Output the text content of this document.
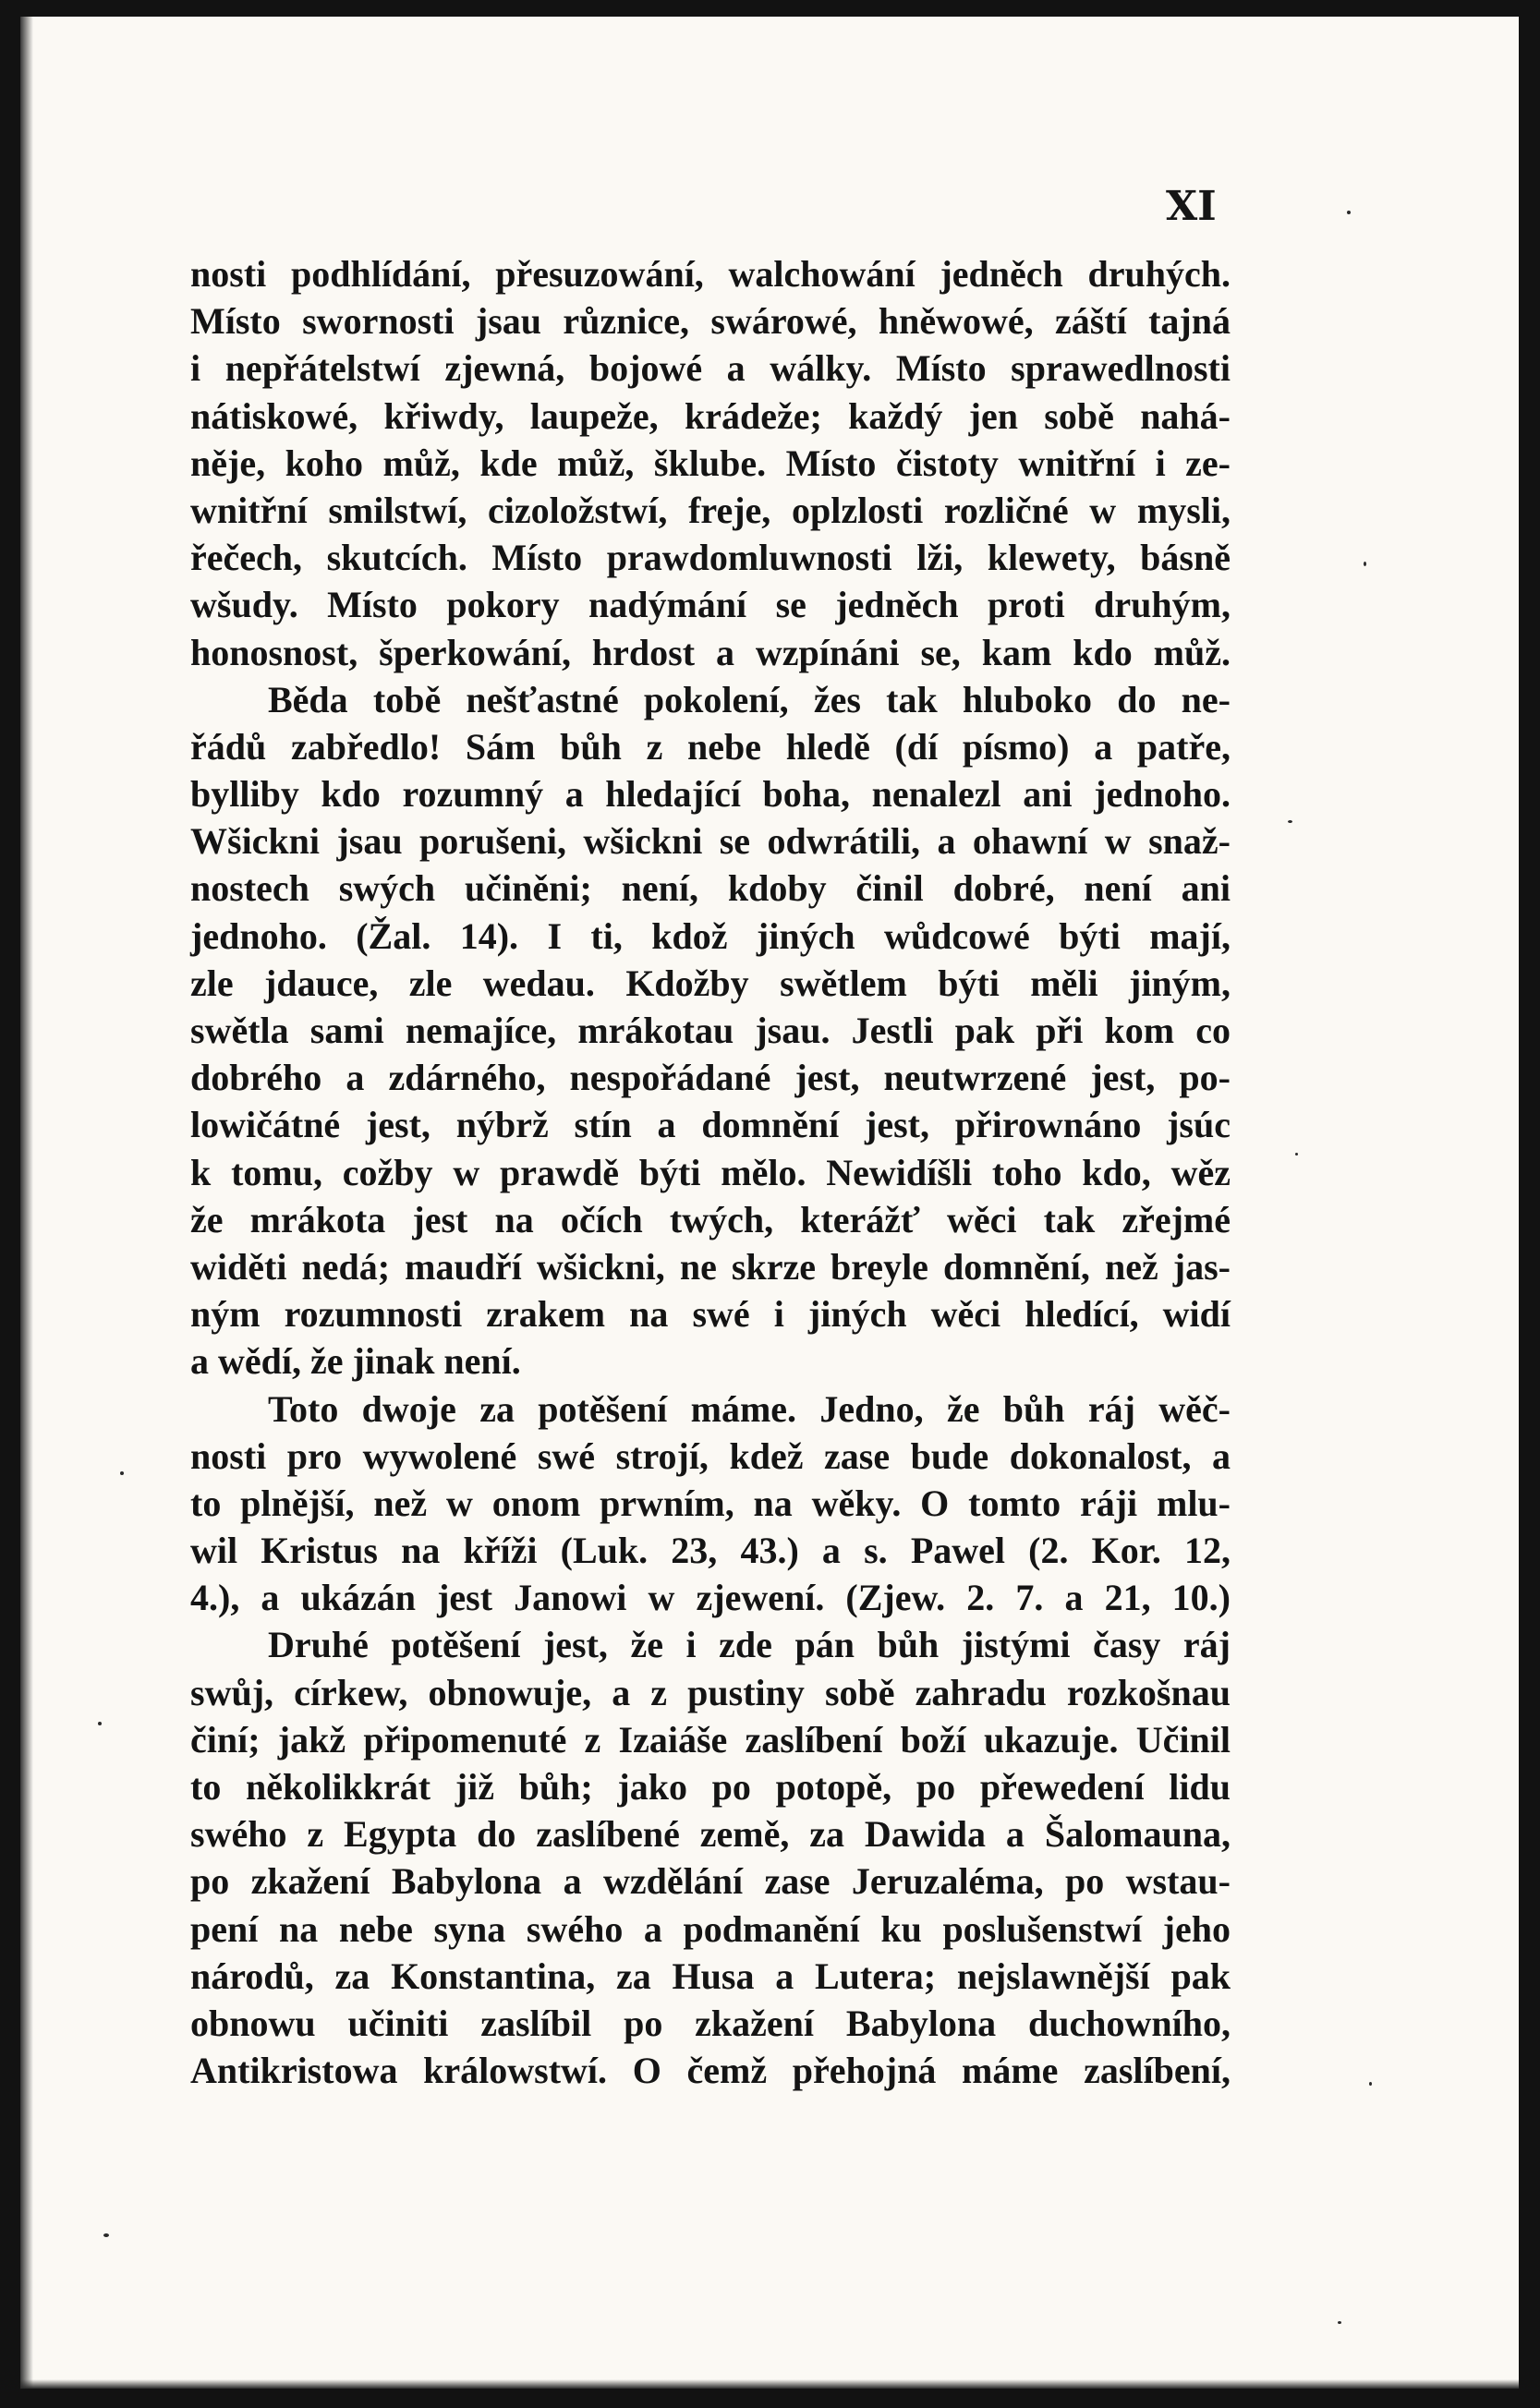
XI

nosti podhlídání, přesuzowání, walchowání jedněch druhých.
Místo swornosti jsau různice, swárowé, hněwowé, záští tajná
i nepřátelstwí zjewná, bojowé a wálky. Místo sprawedlnosti
nátiskowé, křiwdy, laupeže, krádeže; každý jen sobě nahá-
něje, koho můž, kde můž, šklube. Místo čistoty wnitřní i ze-
wnitřní smilstwí, cizoložstwí, freje, oplzlosti rozličné w mysli,
řečech, skutcích. Místo prawdomluwnosti lži, klewety, básně
wšudy. Místo pokory nadýmání se jedněch proti druhým,
honosnost, šperkowání, hrdost a wzpínáni se, kam kdo můž.
Běda tobě nešťastné pokolení, žes tak hluboko do ne-
řádů zabředlo! Sám bůh z nebe hledě (dí písmo) a patře,
bylliby kdo rozumný a hledající boha, nenalezl ani jednoho.
Wšickni jsau porušeni, wšickni se odwrátili, a ohawní w snaž-
nostech swých učiněni; není, kdoby činil dobré, není ani
jednoho. (Žal. 14). I ti, kdož jiných wůdcowé býti mají,
zle jdauce, zle wedau. Kdožby swětlem býti měli jiným,
swětla sami nemajíce, mrákotau jsau. Jestli pak při kom co
dobrého a zdárného, nespořádané jest, neutwrzené jest, po-
lowičátné jest, nýbrž stín a domnění jest, přirownáno jsúc
k tomu, cožby w prawdě býti mělo. Newidíšli toho kdo, wěz
že mrákota jest na očích twých, kterážť wěci tak zřejmé
widěti nedá; maudří wšickni, ne skrze breyle domnění, než jas-
ným rozumnosti zrakem na swé i jiných wěci hledící, widí
a wědí, že jinak není.
Toto dwoje za potěšení máme. Jedno, že bůh ráj wěč-
nosti pro wywolené swé strojí, kdež zase bude dokonalost, a
to plnější, než w onom prwním, na wěky. O tomto ráji mlu-
wil Kristus na kříži (Luk. 23, 43.) a s. Pawel (2. Kor. 12,
4.), a ukázán jest Janowi w zjewení. (Zjew. 2. 7. a 21, 10.)
Druhé potěšení jest, že i zde pán bůh jistými časy ráj
swůj, církew, obnowuje, a z pustiny sobě zahradu rozkošnau
činí; jakž připomenuté z Izaiáše zaslíbení boží ukazuje. Učinil
to několikkrát již bůh; jako po potopě, po přewedení lidu
swého z Egypta do zaslíbené země, za Dawida a Šalomauna,
po zkažení Babylona a wzdělání zase Jeruzaléma, po wstau-
pení na nebe syna swého a podmanění ku poslušenstwí jeho
národů, za Konstantina, za Husa a Lutera; nejslawnější pak
obnowu učiniti zaslíbil po zkažení Babylona duchowního,
Antikristowa králowstwí. O čemž přehojná máme zaslíbení,
